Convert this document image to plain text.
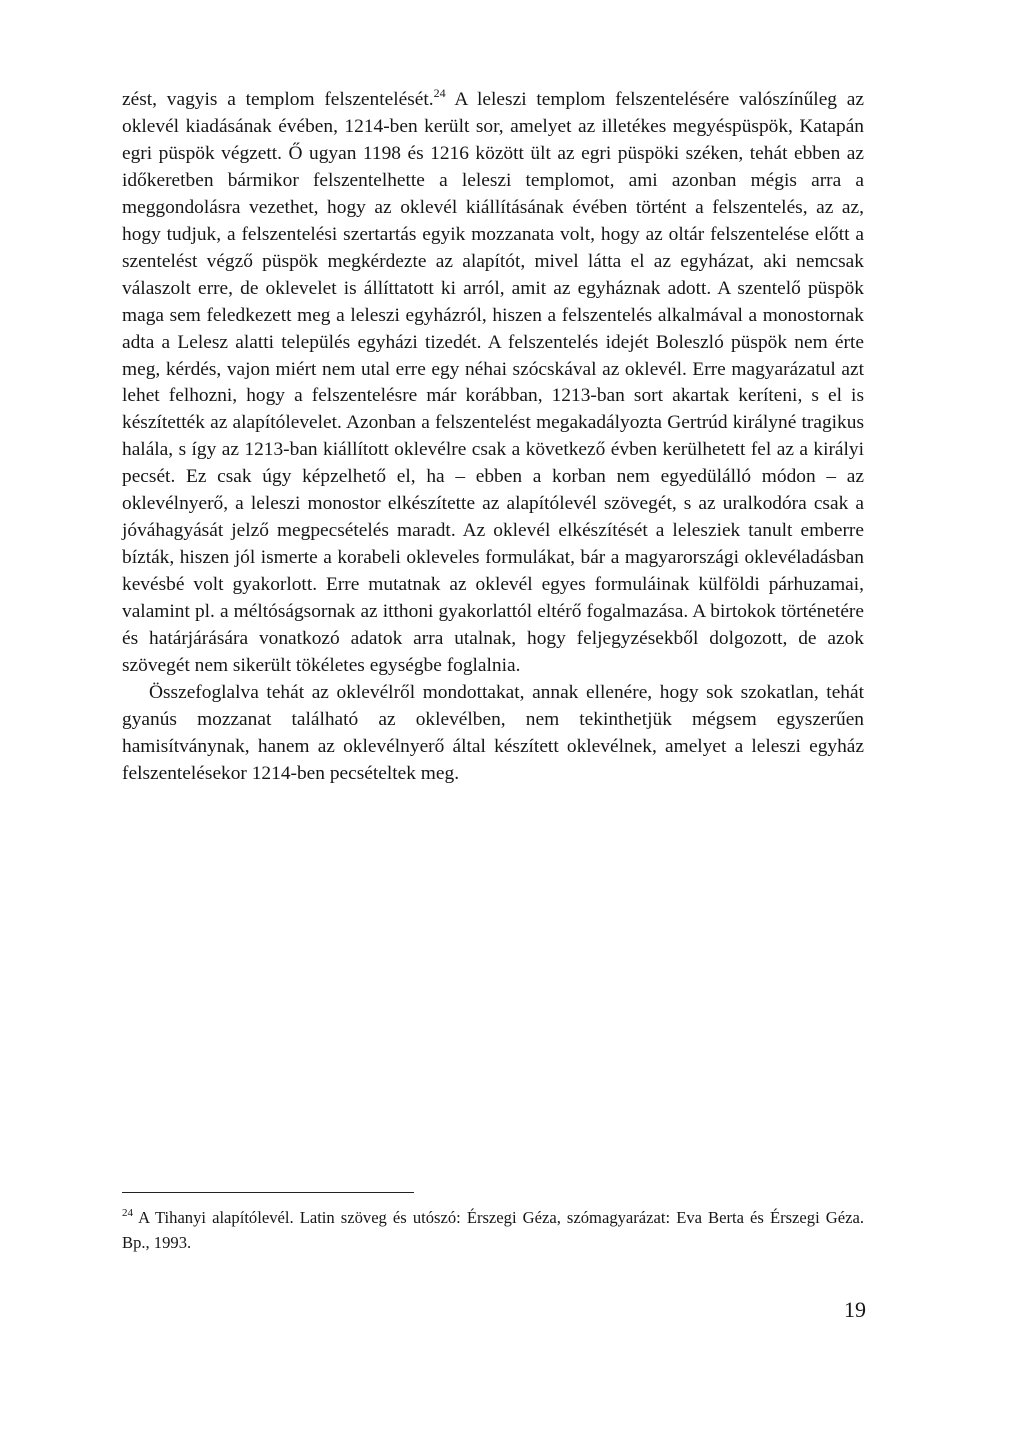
zést, vagyis a templom felszentelését.$^{24}$ A leleszi templom felszentelésére valószínűleg az oklevél kiadásának évében, 1214-ben került sor, amelyet az illetékes megyéspüspök, Katapán egri püspök végzett. Ő ugyan 1198 és 1216 között ült az egri püspöki széken, tehát ebben az időkeretben bármikor felszentelhette a leleszi templomot, ami azonban mégis arra a meggondolásra vezethet, hogy az oklevél kiállításának évében történt a felszentelés, az az, hogy tudjuk, a felszentelési szertartás egyik mozzanata volt, hogy az oltár felszentelése előtt a szentelést végző püspök megkérdezte az alapítót, mivel látta el az egyházat, aki nemcsak válaszolt erre, de oklevelet is állíttatott ki arról, amit az egyháznak adott. A szentelő püspök maga sem feledkezett meg a leleszi egyházról, hiszen a felszentelés alkalmával a monostornak adta a Lelesz alatti település egyházi tizedét. A felszentelés idejét Boleszló püspök nem érte meg, kérdés, vajon miért nem utal erre egy néhai szócskával az oklevél. Erre magyarázatul azt lehet felhozni, hogy a felszentelésre már korábban, 1213-ban sort akartak keríteni, s el is készítették az alapítólevelet. Azonban a felszentelést megakadályozta Gertrúd királyné tragikus halála, s így az 1213-ban kiállított oklevélre csak a következő évben kerülhetett fel az a királyi pecsét. Ez csak úgy képzelhető el, ha – ebben a korban nem egyedülálló módon – az oklevélnyerő, a leleszi monostor elkészítette az alapítólevél szövegét, s az uralkodóra csak a jóváhagyását jelző megpecsételés maradt. Az oklevél elkészítését a lelesziek tanult emberre bízták, hiszen jól ismerte a korabeli okleveles formulákat, bár a magyarországi oklevéladásban kevésbé volt gyakorlott. Erre mutatnak az oklevél egyes formuláinak külföldi párhuzamai, valamint pl. a méltóságsornak az itthoni gyakorlattól eltérő fogalmazása. A birtokok történetére és határjárására vonatkozó adatok arra utalnak, hogy feljegyzésekből dolgozott, de azok szövegét nem sikerült tökéletes egységbe foglalnia.

Összefoglalva tehát az oklevélről mondottakat, annak ellenére, hogy sok szokatlan, tehát gyanús mozzanat található az oklevélben, nem tekinthetjük mégsem egyszerűen hamisítványnak, hanem az oklevélnyerő által készített oklevélnek, amelyet a leleszi egyház felszentelésekor 1214-ben pecsételtek meg.

$^{24}$ A Tihanyi alapítólevél. Latin szöveg és utószó: Érszegi Géza, szómagyarázat: Eva Berta és Érszegi Géza. Bp., 1993.
19
